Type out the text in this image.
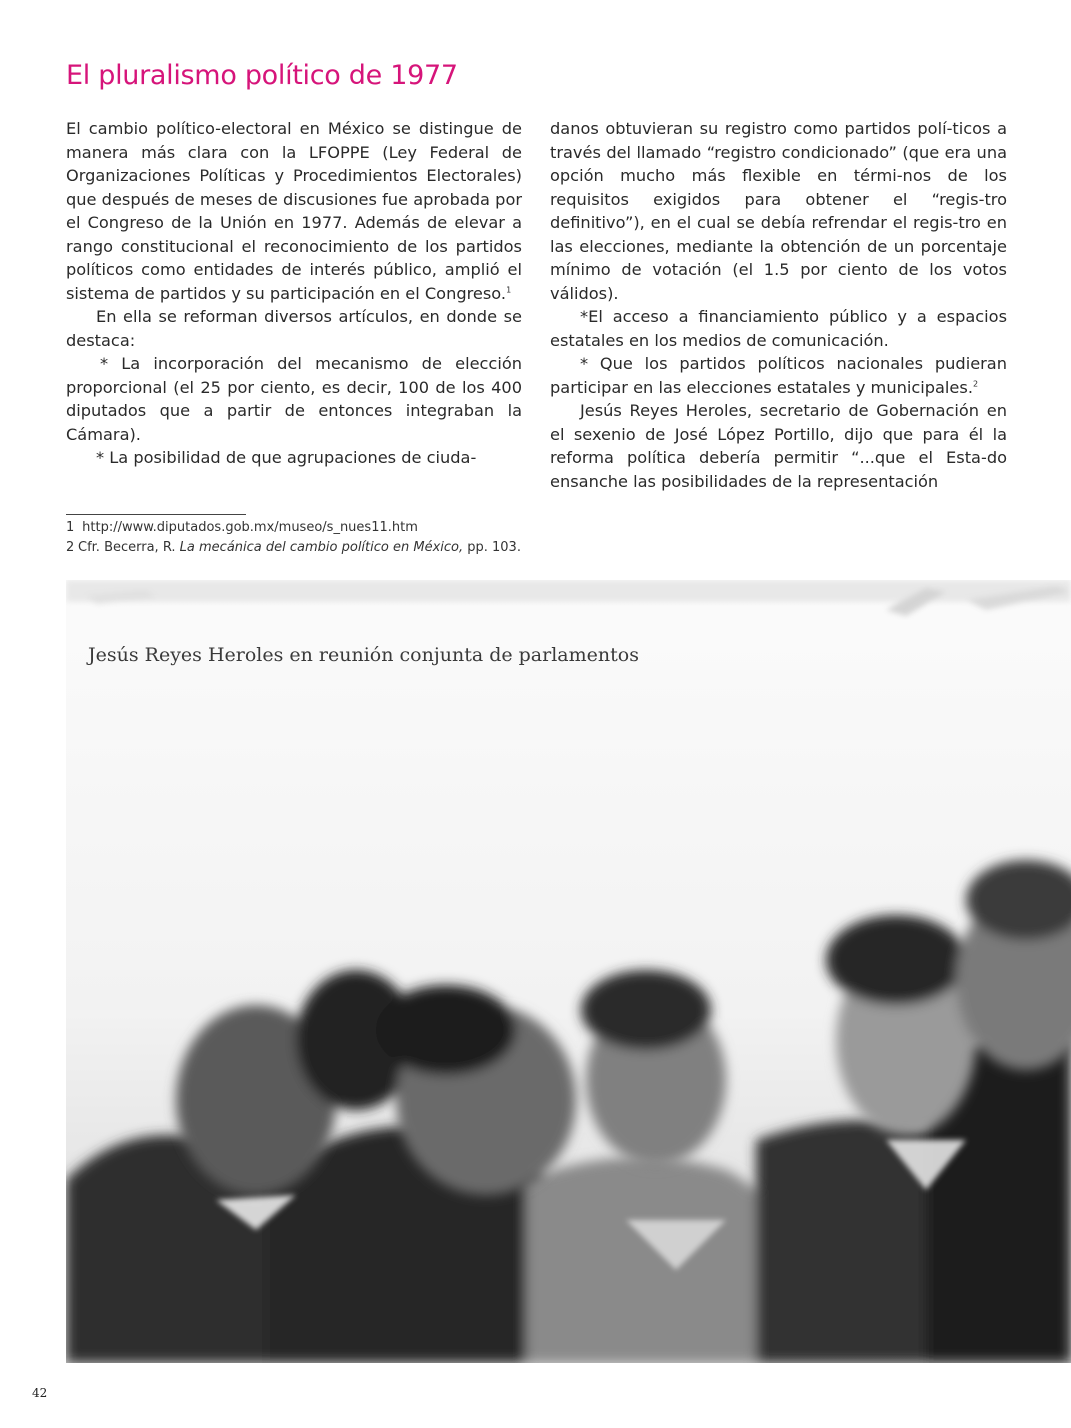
El pluralismo político de 1977

El cambio político-electoral en México se distingue de manera más clara con la LFOPPE (Ley Federal de Organizaciones Políticas y Procedimientos Electorales) que después de meses de discusiones fue aprobada por el Congreso de la Unión en 1977. Además de elevar a rango constitucional el reconocimiento de los partidos políticos como entidades de interés público, amplió el sistema de partidos y su participación en el Congreso.$^1$

En ella se reforman diversos artículos, en donde se destaca:

* La incorporación del mecanismo de elección proporcional (el 25 por ciento, es decir, 100 de los 400 diputados que a partir de entonces integraban la Cámara).

* La posibilidad de que agrupaciones de ciuda-

danos obtuvieran su registro como partidos polí-ticos a través del llamado “registro condicionado” (que era una opción mucho más flexible en térmi-nos de los requisitos exigidos para obtener el “regis-tro definitivo”), en el cual se debía refrendar el regis-tro en las elecciones, mediante la obtención de un porcentaje mínimo de votación (el 1.5 por ciento de los votos válidos).

*El acceso a financiamiento público y a espacios estatales en los medios de comunicación.

* Que los partidos políticos nacionales pudieran participar en las elecciones estatales y municipales.$^2$

Jesús Reyes Heroles, secretario de Gobernación en el sexenio de José López Portillo, dijo que para él la reforma política debería permitir “...que el Esta-do ensanche las posibilidades de la representación

1 http://www.diputados.gob.mx/museo/s_nues11.htm
2 Cfr. Becerra, R. La mecánica del cambio político en México, pp. 103.
Jesús Reyes Heroles en reunión conjunta de parlamentos
42
